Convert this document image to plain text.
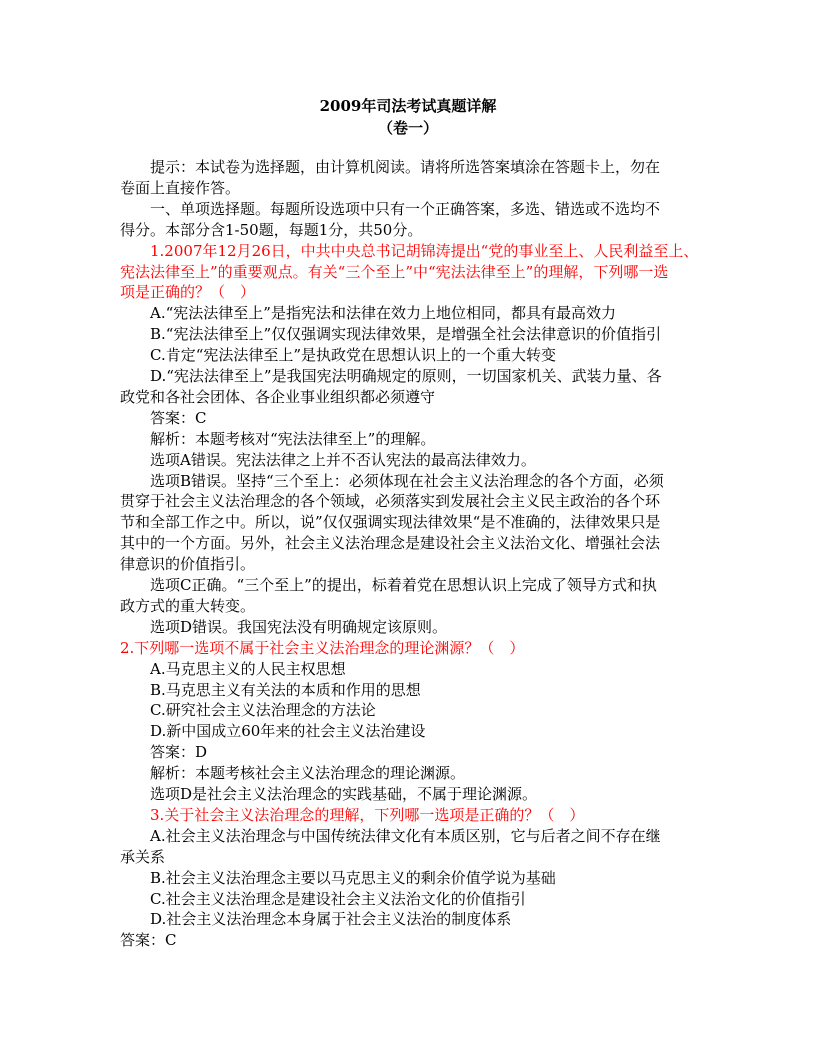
2009年司法考试真题详解
（卷一）
提示：本试卷为选择题，由计算机阅读。请将所选答案填涂在答题卡上，勿在
卷面上直接作答。
一、单项选择题。每题所设选项中只有一个正确答案，多选、错选或不选均不
得分。本部分含1-50题，每题1分，共50分。
1.2007年12月26日，中共中央总书记胡锦涛提出“党的事业至上、人民利益至上、
宪法法律至上”的重要观点。有关“三个至上”中“宪法法律至上”的理解，下列哪一选
项是正确的？（　）
A.“宪法法律至上”是指宪法和法律在效力上地位相同，都具有最高效力
B.“宪法法律至上”仅仅强调实现法律效果，是增强全社会法律意识的价值指引
C.肯定“宪法法律至上”是执政党在思想认识上的一个重大转变
D.“宪法法律至上”是我国宪法明确规定的原则，一切国家机关、武装力量、各
政党和各社会团体、各企业事业组织都必须遵守
答案：C
解析：本题考核对“宪法法律至上”的理解。
选项A错误。宪法法律之上并不否认宪法的最高法律效力。
选项B错误。坚持“三个至上：必须体现在社会主义法治理念的各个方面，必须
贯穿于社会主义法治理念的各个领域，必须落实到发展社会主义民主政治的各个环
节和全部工作之中。所以，说”仅仅强调实现法律效果“是不准确的，法律效果只是
其中的一个方面。另外，社会主义法治理念是建设社会主义法治文化、增强社会法
律意识的价值指引。
选项C正确。“三个至上”的提出，标着着党在思想认识上完成了领导方式和执
政方式的重大转变。
选项D错误。我国宪法没有明确规定该原则。
2.下列哪一选项不属于社会主义法治理念的理论渊源？（　）
A.马克思主义的人民主权思想
B.马克思主义有关法的本质和作用的思想
C.研究社会主义法治理念的方法论
D.新中国成立60年来的社会主义法治建设
答案：D
解析：本题考核社会主义法治理念的理论渊源。
选项D是社会主义法治理念的实践基础，不属于理论渊源。
3.关于社会主义法治理念的理解，下列哪一选项是正确的？（　）
A.社会主义法治理念与中国传统法律文化有本质区别，它与后者之间不存在继
承关系
B.社会主义法治理念主要以马克思主义的剩余价值学说为基础
C.社会主义法治理念是建设社会主义法治文化的价值指引
D.社会主义法治理念本身属于社会主义法治的制度体系
答案：C
